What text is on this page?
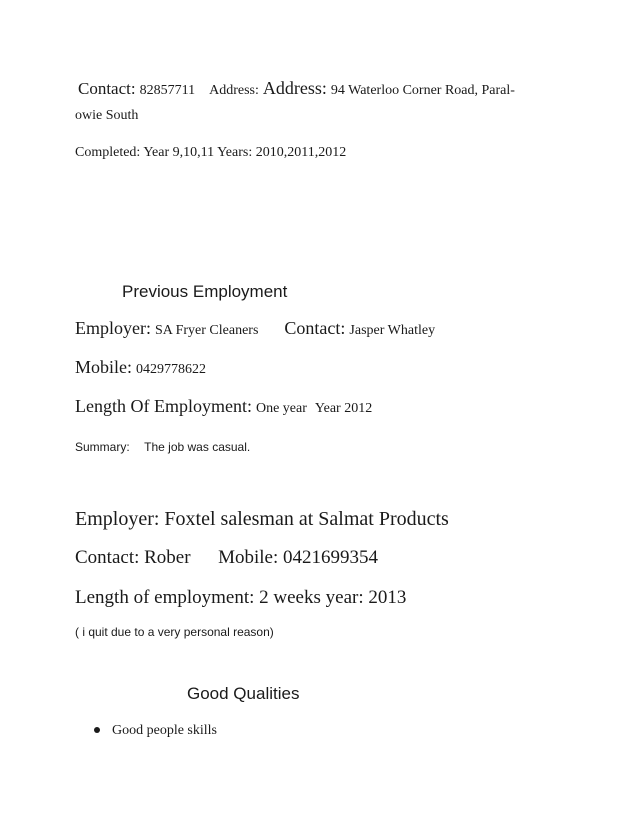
Contact: 82857711 Address: Address: 94 Waterloo Corner Road, Paral-
owie South
Completed: Year 9,10,11 Years: 2010,2011,2012
Previous Employment
Employer: SA Fryer Cleaners Contact: Jasper Whatley
Mobile: 0429778622
Length Of Employment: One year Year 2012
Summary: The job was casual.
Employer: Foxtel salesman at Salmat Products
Contact: Rober Mobile: 0421699354
Length of employment: 2 weeks year: 2013
( i quit due to a very personal reason)
Good Qualities
Good people skills
